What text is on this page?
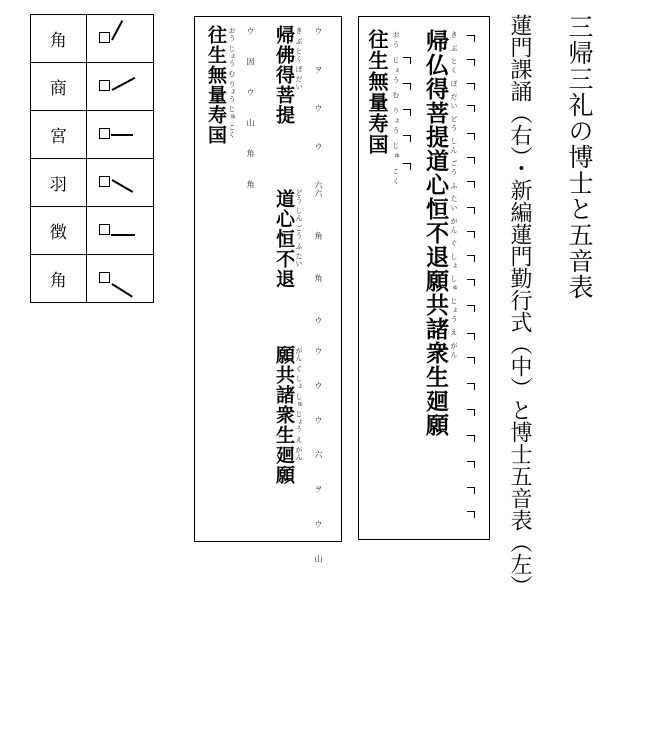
角	

商	

宮	

羽	

徴	

角	

帰佛得菩提 き ぶ とく ぼ だい ウ ヲ ウ ウ 六

道心恒不退 どう しん ごう ふ たい 六 角 角 ウ

願共諸衆生廻願 がん ぐ しょ しゅ じょう え がん ウ ウ ウ 六 ヲ ウ 山

往生無量寿国 おう じょう む りょう じゅ こく ウ 因 ウ 山 角 角	帰仏得菩提道心恒不退願共諸衆生廻願 き ぶ とく ぼ だい どう しん ごう ふ たい がん ぐ しょ しゅ じょう え がん

往生無量寿国 おう じょう む りょう じゅ こく	蓮門課誦（右）・新編蓮門勤行式（中）と博士五音表（左） 三帰三礼の博士と五音表
